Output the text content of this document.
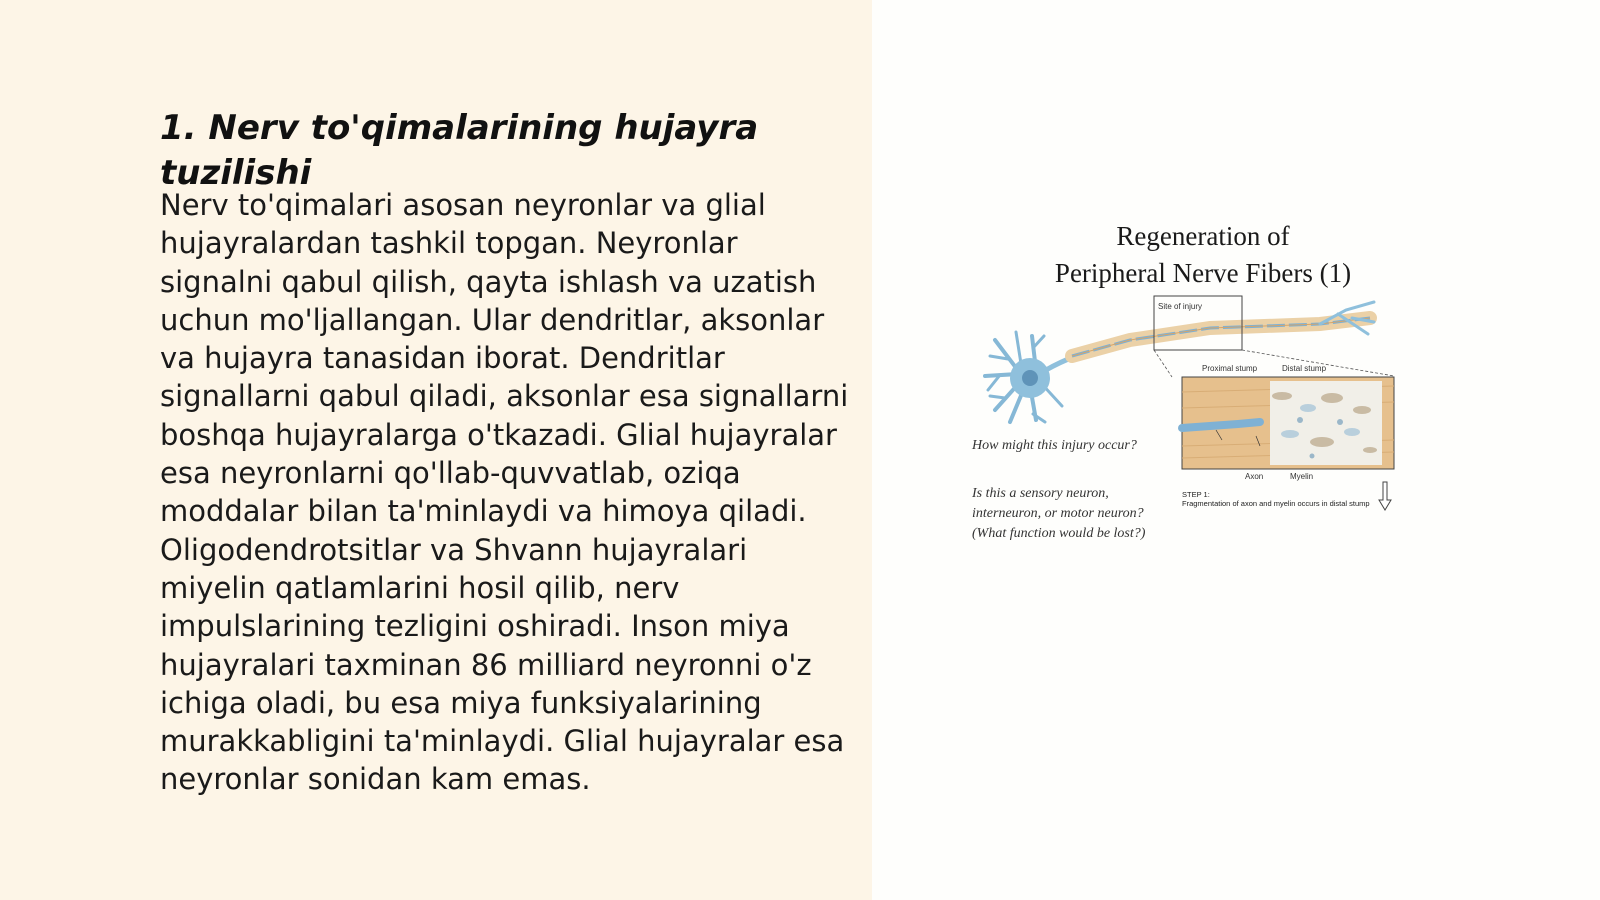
1. Nerv to'qimalarining hujayra tuzilishi

Nerv to'qimalari asosan neyronlar va glial hujayralardan tashkil topgan. Neyronlar signalni qabul qilish, qayta ishlash va uzatish uchun mo'ljallangan. Ular dendritlar, aksonlar va hujayra tanasidan iborat. Dendritlar signallarni qabul qiladi, aksonlar esa signallarni boshqa hujayralarga o'tkazadi. Glial hujayralar esa neyronlarni qo'llab-quvvatlab, oziqa moddalar bilan ta'minlaydi va himoya qiladi. Oligodendrotsitlar va Shvann hujayralari miyelin qatlamlarini hosil qilib, nerv impulslarining tezligini oshiradi. Inson miya hujayralari taxminan 86 milliard neyronni o'z ichiga oladi, bu esa miya funksiyalarining murakkabligini ta'minlaydi. Glial hujayralar esa neyronlar sonidan kam emas.

Regeneration of
Peripheral Nerve Fibers (1)
Site of injury
Proximal stump	Distal stump
Axon	Myelin
How might this injury occur?
Is this a sensory neuron, interneuron, or motor neuron? (What function would be lost?)
STEP 1:
Fragmentation of axon and myelin occurs in distal stump
